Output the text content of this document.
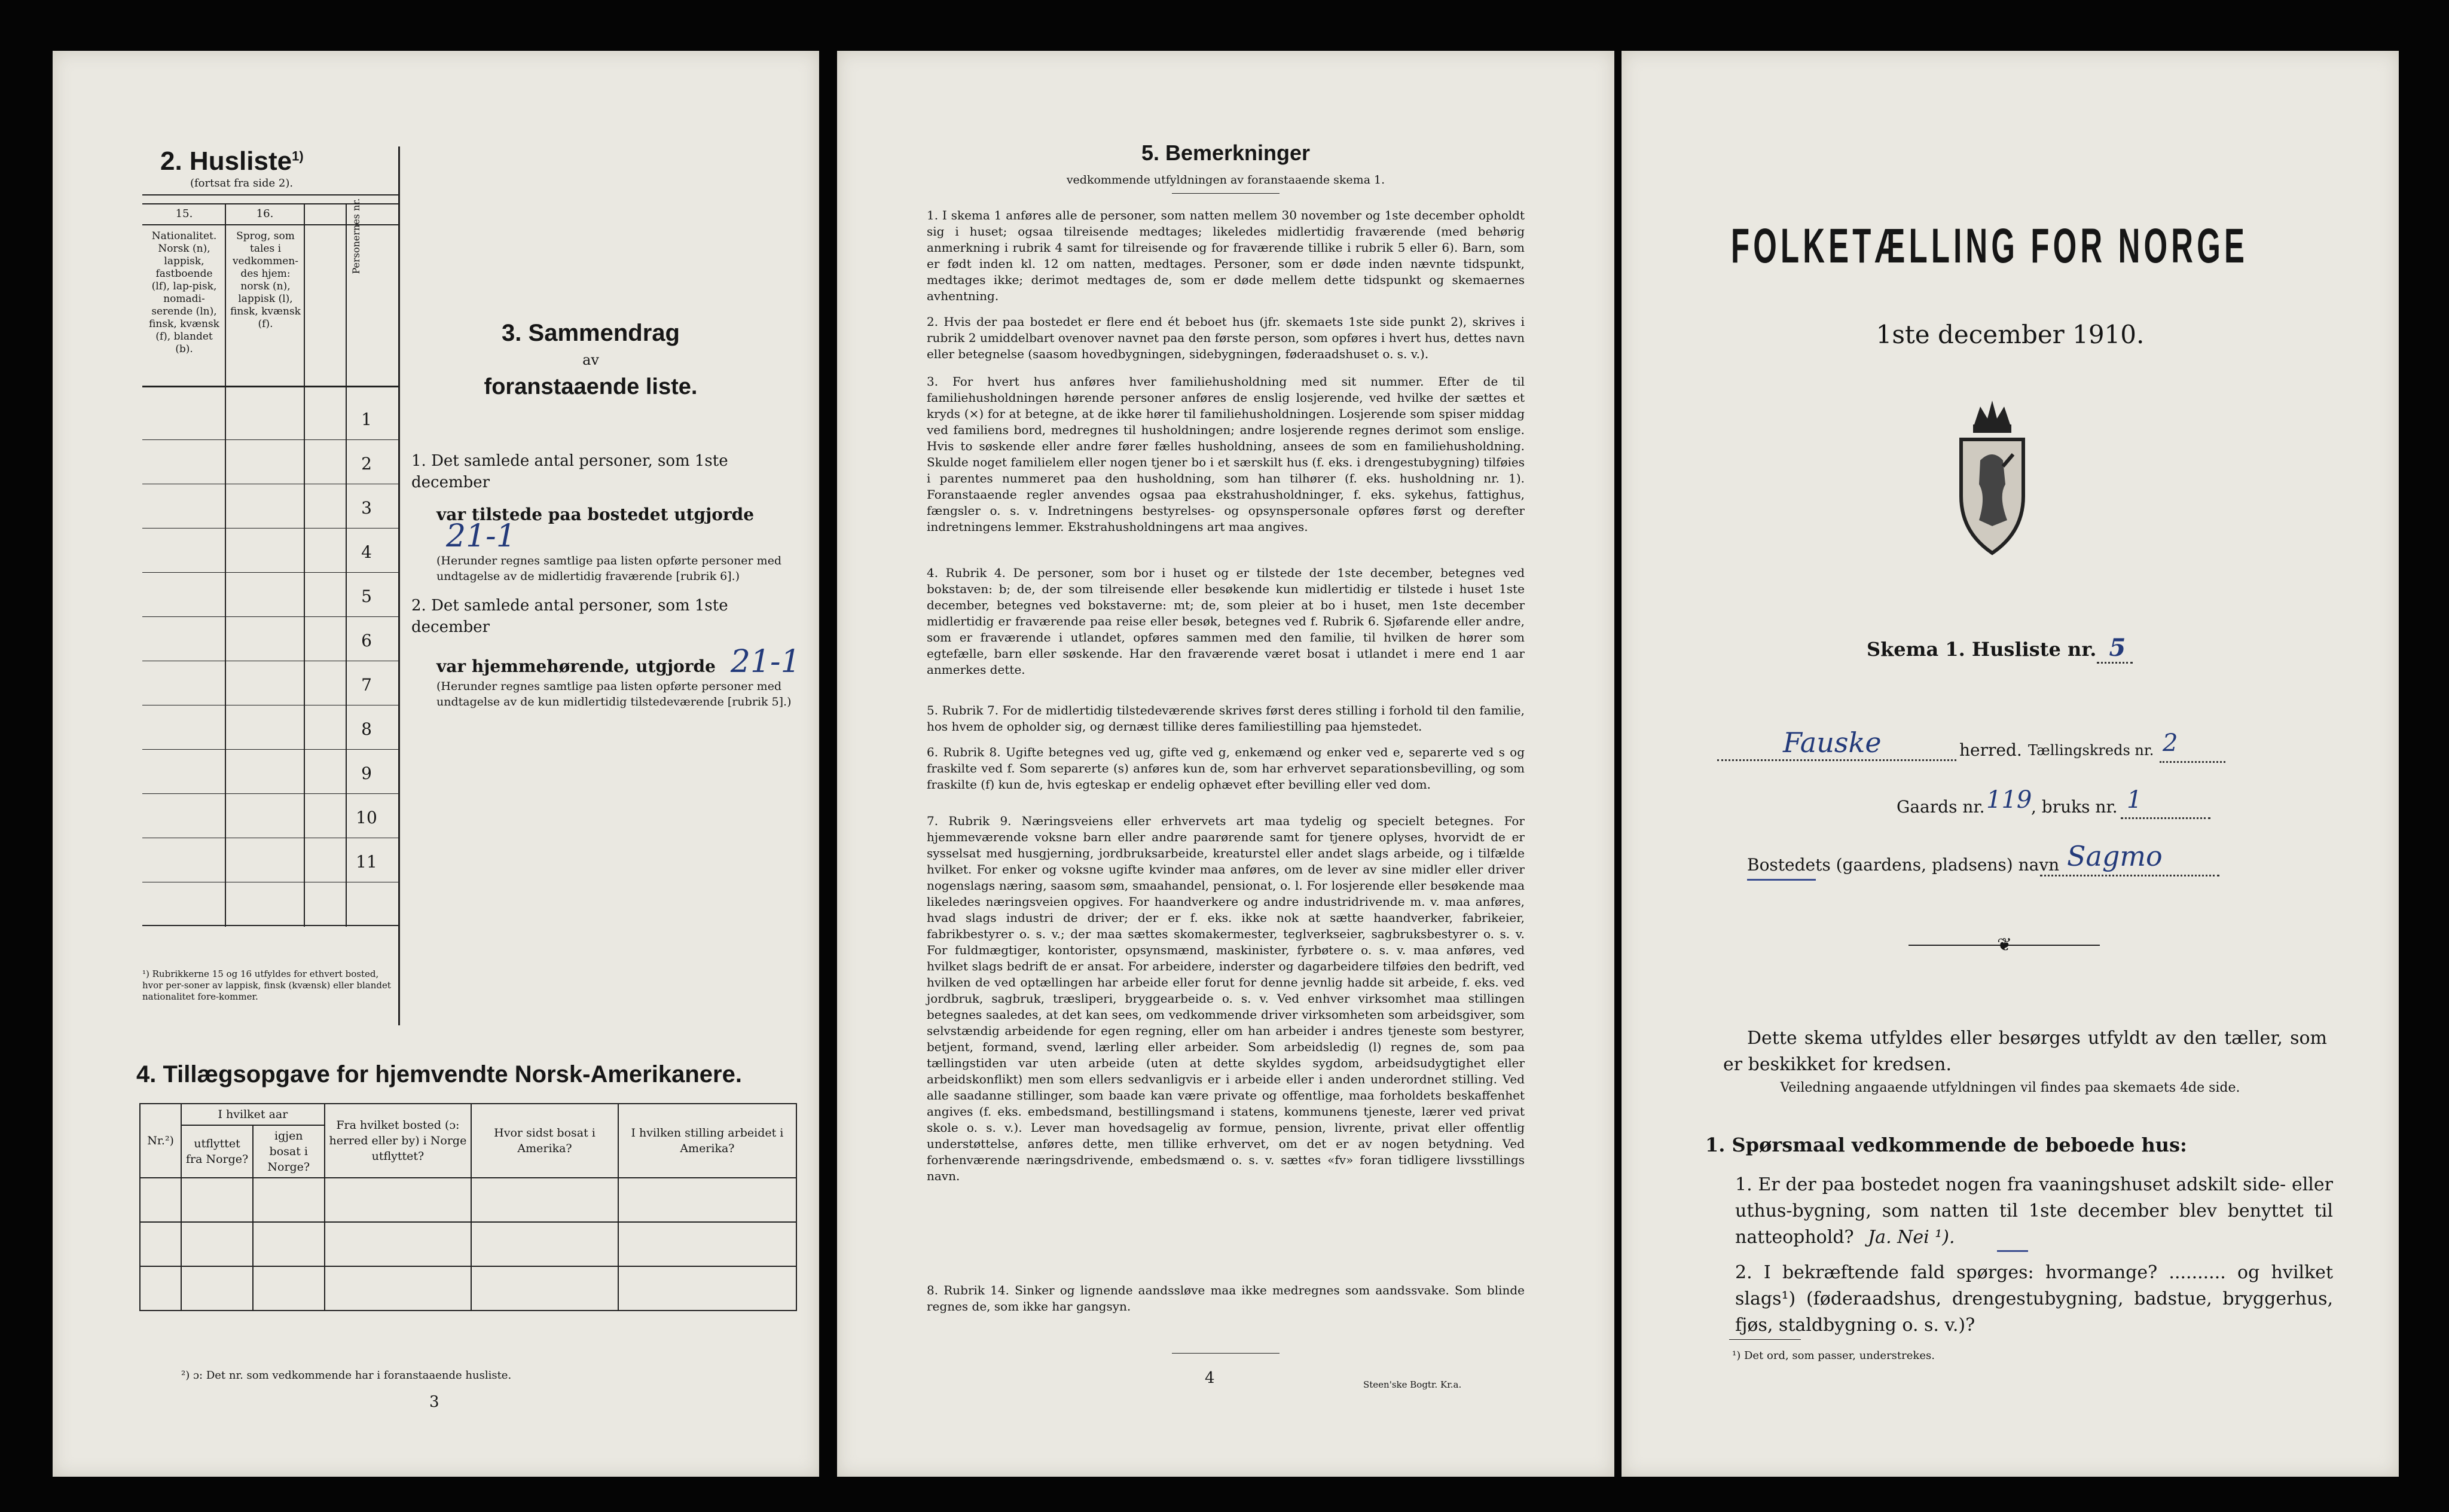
2. Husliste$^{1)}$
(fortsat fra side 2).
15.	16.
Nationalitet. Norsk (n), lappisk, fastboende (lf), lap-pisk, nomadi-serende (ln), finsk, kvænsk (f), blandet (b).
Sprog, som tales i vedkommen-des hjem: norsk (n), lappisk (l), finsk, kvænsk (f).
Personernes nr.
1
2
3
4
5
6
7
8
9
10
11
¹) Rubrikkerne 15 og 16 utfyldes for ethvert bosted, hvor per-soner av lappisk, finsk (kvænsk) eller blandet nationalitet fore-kommer.
3. Sammendrag
av
foranstaaende liste.
1. Det samlede antal personer, som 1ste december
var tilstede paa bostedet utgjorde 21-1
(Herunder regnes samtlige paa listen opførte personer med undtagelse av de midlertidig fraværende [rubrik 6].)
2. Det samlede antal personer, som 1ste december
var hjemmehørende, utgjorde 21-1
(Herunder regnes samtlige paa listen opførte personer med undtagelse av de kun midlertidig tilstedeværende [rubrik 5].)
4. Tillægsopgave for hjemvendte Norsk-Amerikanere.
Nr.²)	I hvilket aar		Fra hvilket bosted (ɔ: herred eller by) i Norge utflyttet?	Hvor sidst bosat i Amerika?	I hvilken stilling arbeidet i Amerika?
	utflyttet fra Norge?	igjen bosat i Norge?			

²) ɔ: Det nr. som vedkommende har i foranstaaende husliste.
3
5. Bemerkninger
vedkommende utfyldningen av foranstaaende skema 1.
1. I skema 1 anføres alle de personer, som natten mellem 30 november og 1ste december opholdt sig i huset; ogsaa tilreisende medtages; likeledes midlertidig fraværende (med behørig anmerkning i rubrik 4 samt for tilreisende og for fraværende tillike i rubrik 5 eller 6). Barn, som er født inden kl. 12 om natten, medtages. Personer, som er døde inden nævnte tidspunkt, medtages ikke; derimot medtages de, som er døde mellem dette tidspunkt og skemaernes avhentning.
2. Hvis der paa bostedet er flere end ét beboet hus (jfr. skemaets 1ste side punkt 2), skrives i rubrik 2 umiddelbart ovenover navnet paa den første person, som opføres i hvert hus, dettes navn eller betegnelse (saasom hovedbygningen, sidebygningen, føderaadshuset o. s. v.).
3. For hvert hus anføres hver familiehusholdning med sit nummer. Efter de til familiehusholdningen hørende personer anføres de enslig losjerende, ved hvilke der sættes et kryds (×) for at betegne, at de ikke hører til familiehusholdningen. Losjerende som spiser middag ved familiens bord, medregnes til husholdningen; andre losjerende regnes derimot som enslige. Hvis to søskende eller andre fører fælles husholdning, ansees de som en familiehusholdning. Skulde noget familielem eller nogen tjener bo i et særskilt hus (f. eks. i drengestubygning) tilføies i parentes nummeret paa den husholdning, som han tilhører (f. eks. husholdning nr. 1). Foranstaaende regler anvendes ogsaa paa ekstrahusholdninger, f. eks. sykehus, fattighus, fængsler o. s. v. Indretningens bestyrelses- og opsynspersonale opføres først og derefter indretningens lemmer. Ekstrahusholdningens art maa angives.
4. Rubrik 4. De personer, som bor i huset og er tilstede der 1ste december, betegnes ved bokstaven: b; de, der som tilreisende eller besøkende kun midlertidig er tilstede i huset 1ste december, betegnes ved bokstaverne: mt; de, som pleier at bo i huset, men 1ste december midlertidig er fraværende paa reise eller besøk, betegnes ved f. Rubrik 6. Sjøfarende eller andre, som er fraværende i utlandet, opføres sammen med den familie, til hvilken de hører som egtefælle, barn eller søskende. Har den fraværende været bosat i utlandet i mere end 1 aar anmerkes dette.
5. Rubrik 7. For de midlertidig tilstedeværende skrives først deres stilling i forhold til den familie, hos hvem de opholder sig, og dernæst tillike deres familiestilling paa hjemstedet.
6. Rubrik 8. Ugifte betegnes ved ug, gifte ved g, enkemænd og enker ved e, separerte ved s og fraskilte ved f. Som separerte (s) anføres kun de, som har erhvervet separationsbevilling, og som fraskilte (f) kun de, hvis egteskap er endelig ophævet efter bevilling eller ved dom.
7. Rubrik 9. Næringsveiens eller erhvervets art maa tydelig og specielt betegnes. For hjemmeværende voksne barn eller andre paarørende samt for tjenere oplyses, hvorvidt de er sysselsat med husgjerning, jordbruksarbeide, kreaturstel eller andet slags arbeide, og i tilfælde hvilket. For enker og voksne ugifte kvinder maa anføres, om de lever av sine midler eller driver nogenslags næring, saasom søm, smaahandel, pensionat, o. l. For losjerende eller besøkende maa likeledes næringsveien opgives. For haandverkere og andre industridrivende m. v. maa anføres, hvad slags industri de driver; der er f. eks. ikke nok at sætte haandverker, fabrikeier, fabrikbestyrer o. s. v.; der maa sættes skomakermester, teglverkseier, sagbruksbestyrer o. s. v. For fuldmægtiger, kontorister, opsynsmænd, maskinister, fyrbøtere o. s. v. maa anføres, ved hvilket slags bedrift de er ansat. For arbeidere, inderster og dagarbeidere tilføies den bedrift, ved hvilken de ved optællingen har arbeide eller forut for denne jevnlig hadde sit arbeide, f. eks. ved jordbruk, sagbruk, træsliperi, bryggearbeide o. s. v. Ved enhver virksomhet maa stillingen betegnes saaledes, at det kan sees, om vedkommende driver virksomheten som arbeidsgiver, som selvstændig arbeidende for egen regning, eller om han arbeider i andres tjeneste som bestyrer, betjent, formand, svend, lærling eller arbeider. Som arbeidsledig (l) regnes de, som paa tællingstiden var uten arbeide (uten at dette skyldes sygdom, arbeidsudygtighet eller arbeidskonflikt) men som ellers sedvanligvis er i arbeide eller i anden underordnet stilling. Ved alle saadanne stillinger, som baade kan være private og offentlige, maa forholdets beskaffenhet angives (f. eks. embedsmand, bestillingsmand i statens, kommunens tjeneste, lærer ved privat skole o. s. v.). Lever man hovedsagelig av formue, pension, livrente, privat eller offentlig understøttelse, anføres dette, men tillike erhvervet, om det er av nogen betydning. Ved forhenværende næringsdrivende, embedsmænd o. s. v. sættes «fv» foran tidligere livsstillings navn.
8. Rubrik 14. Sinker og lignende aandssløve maa ikke medregnes som aandssvake. Som blinde regnes de, som ikke har gangsyn.
4	Steen'ske Bogtr. Kr.a.
FOLKETÆLLING FOR NORGE
1ste december 1910.
Skema 1. Husliste nr. 5
Fauske	herred. Tællingskreds nr. 2
Gaards nr. 119
, bruks nr. 1
Bostedets (gaardens, pladsens) navn Sagmo
❦
Dette skema utfyldes eller besørges utfyldt av den tæller, som er beskikket for kredsen.
Veiledning angaaende utfyldningen vil findes paa skemaets 4de side.
1. Spørsmaal vedkommende de beboede hus:
1. Er der paa bostedet nogen fra vaaningshuset adskilt side- eller uthus-bygning, som natten til 1ste december blev benyttet til natteophold? Ja. Nei ¹).
2. I bekræftende fald spørges: hvormange? .......... og hvilket slags¹) (føderaadshus, drengestubygning, badstue, bryggerhus, fjøs, staldbygning o. s. v.)?
¹) Det ord, som passer, understrekes.
